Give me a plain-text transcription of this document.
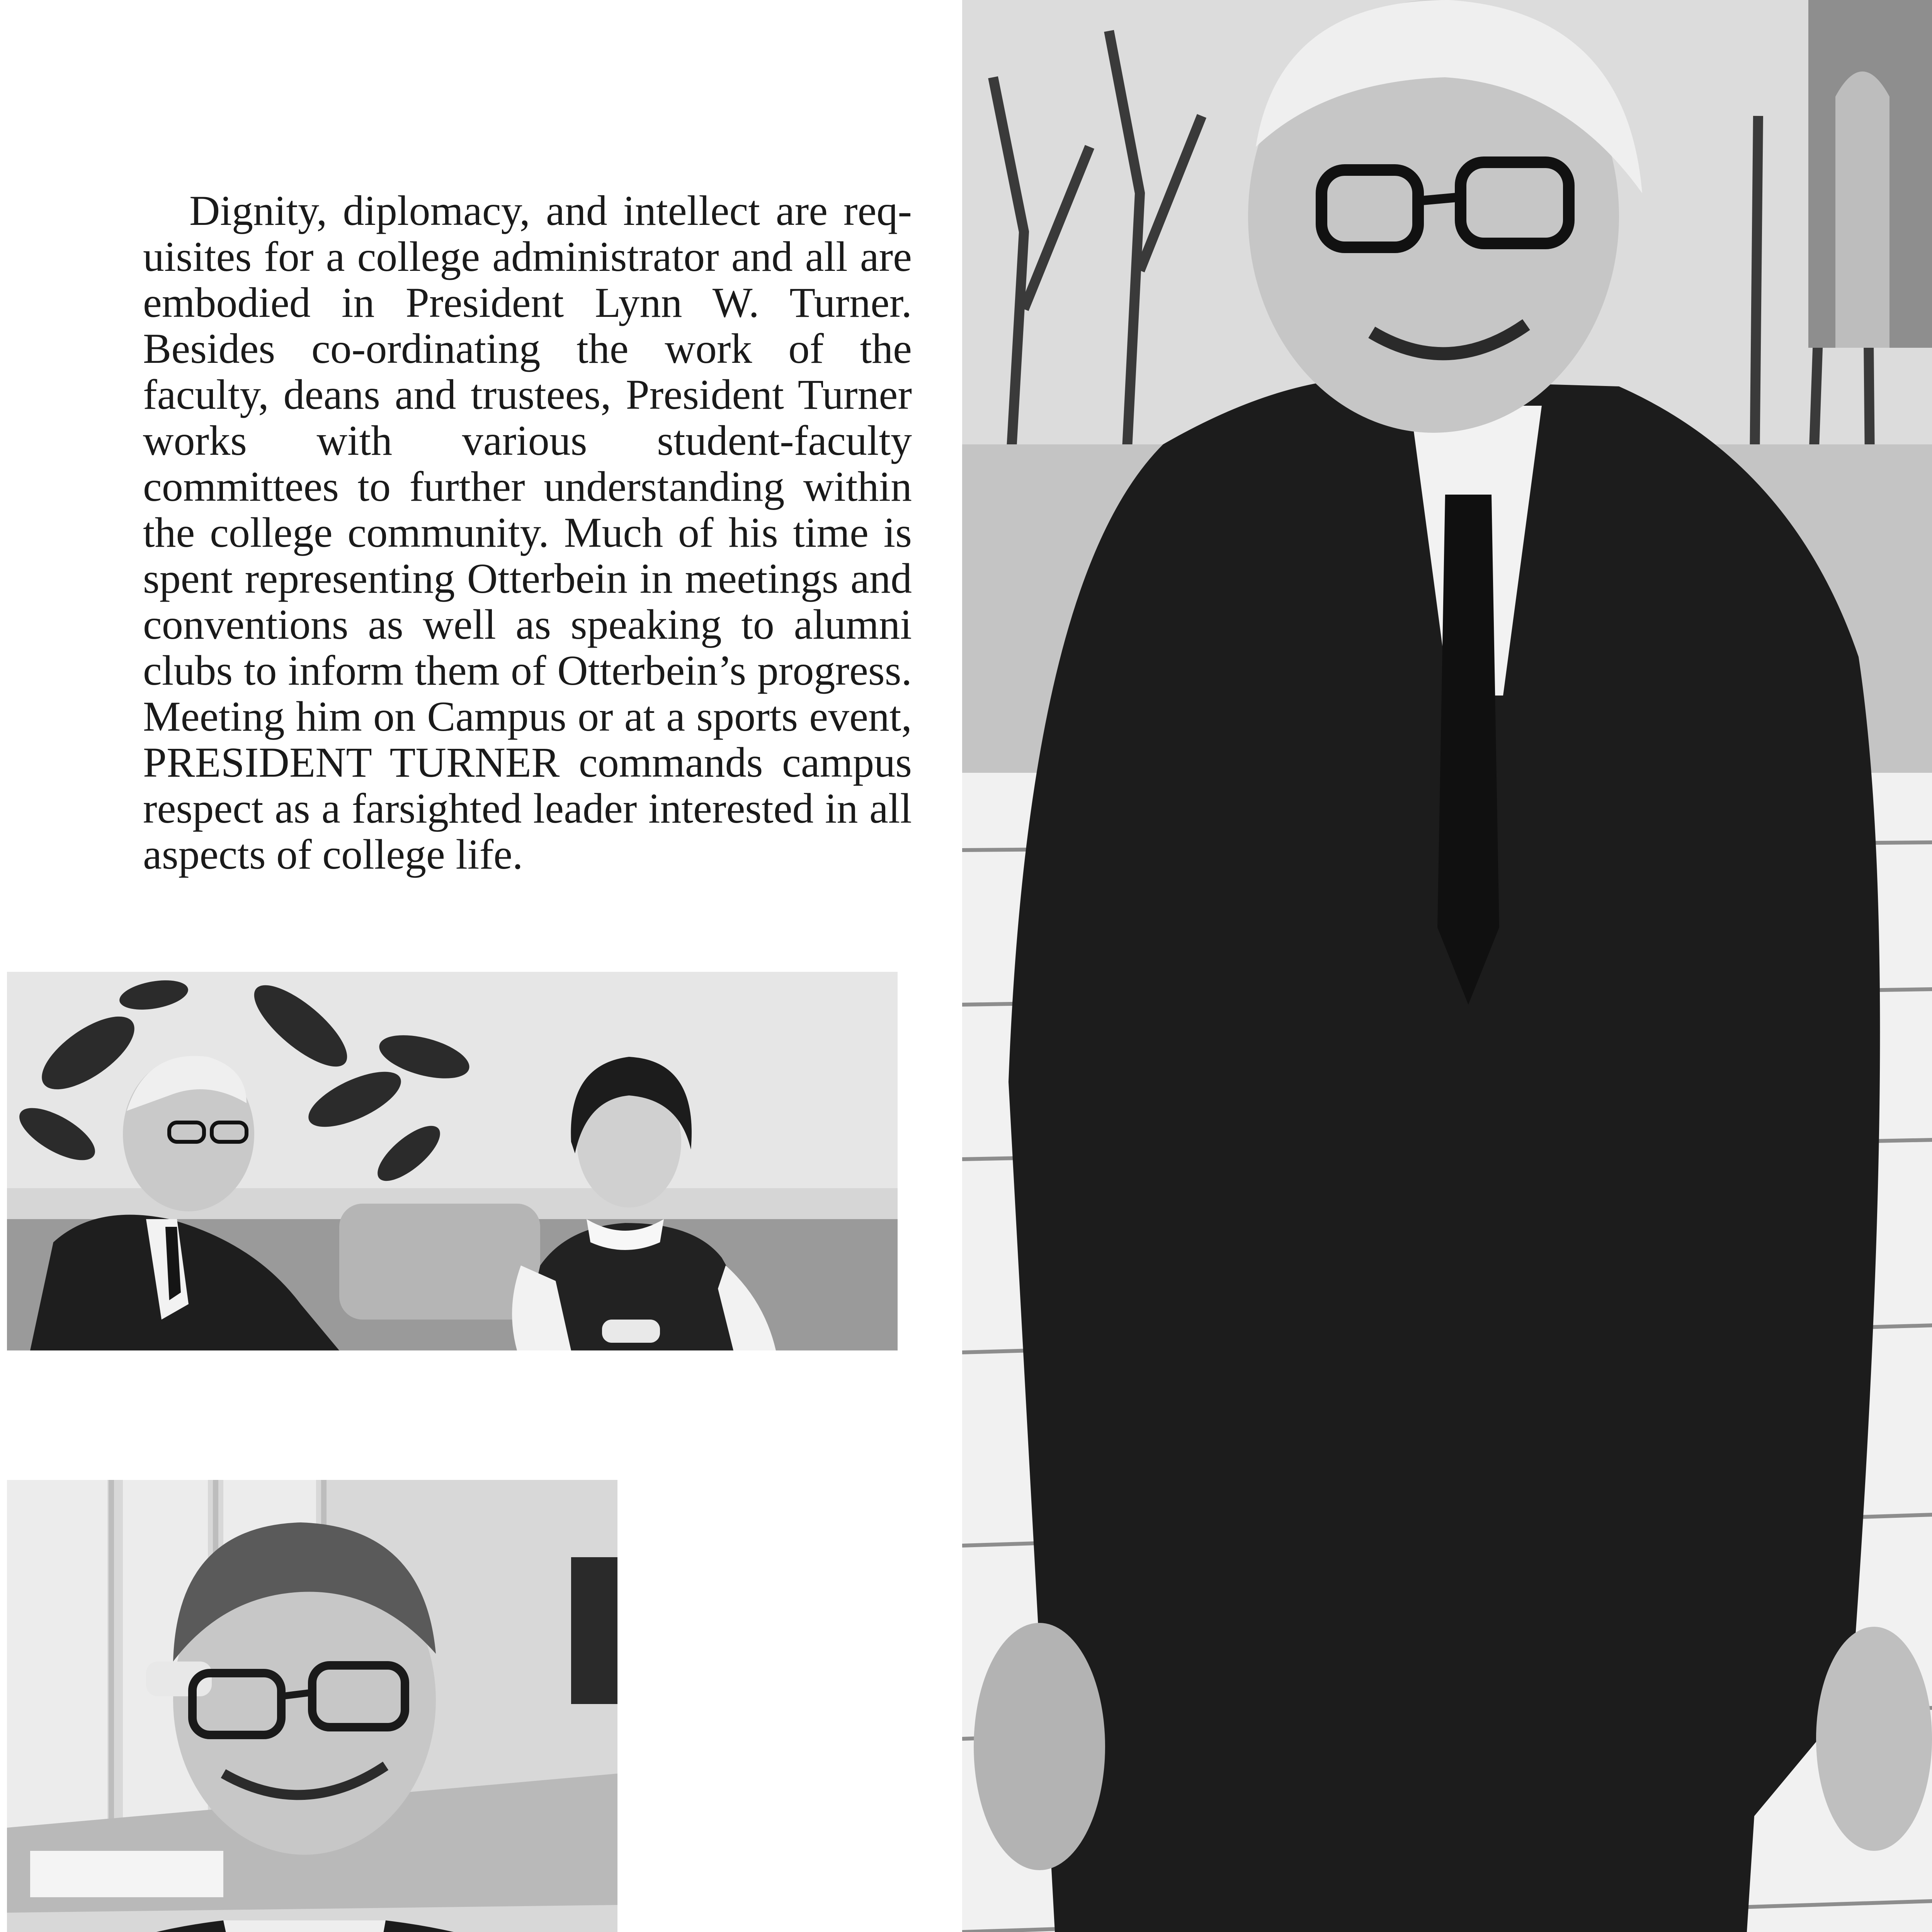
Dignity, diplomacy, and intellect are requisites for a college administrator and all are embodied in President Lynn W. Turner. Besides co-ordinating the work of the faculty, deans and trustees, President Turner works with various student-faculty committees to further understanding within the college community. Much of his time is spent representing Otterbein in meetings and conventions as well as speaking to alumni clubs to inform them of Otterbein’s progress. Meeting him on Campus or at a sports event, PRESIDENT TURNER commands campus respect as a farsighted leader interested in all aspects of college life.
